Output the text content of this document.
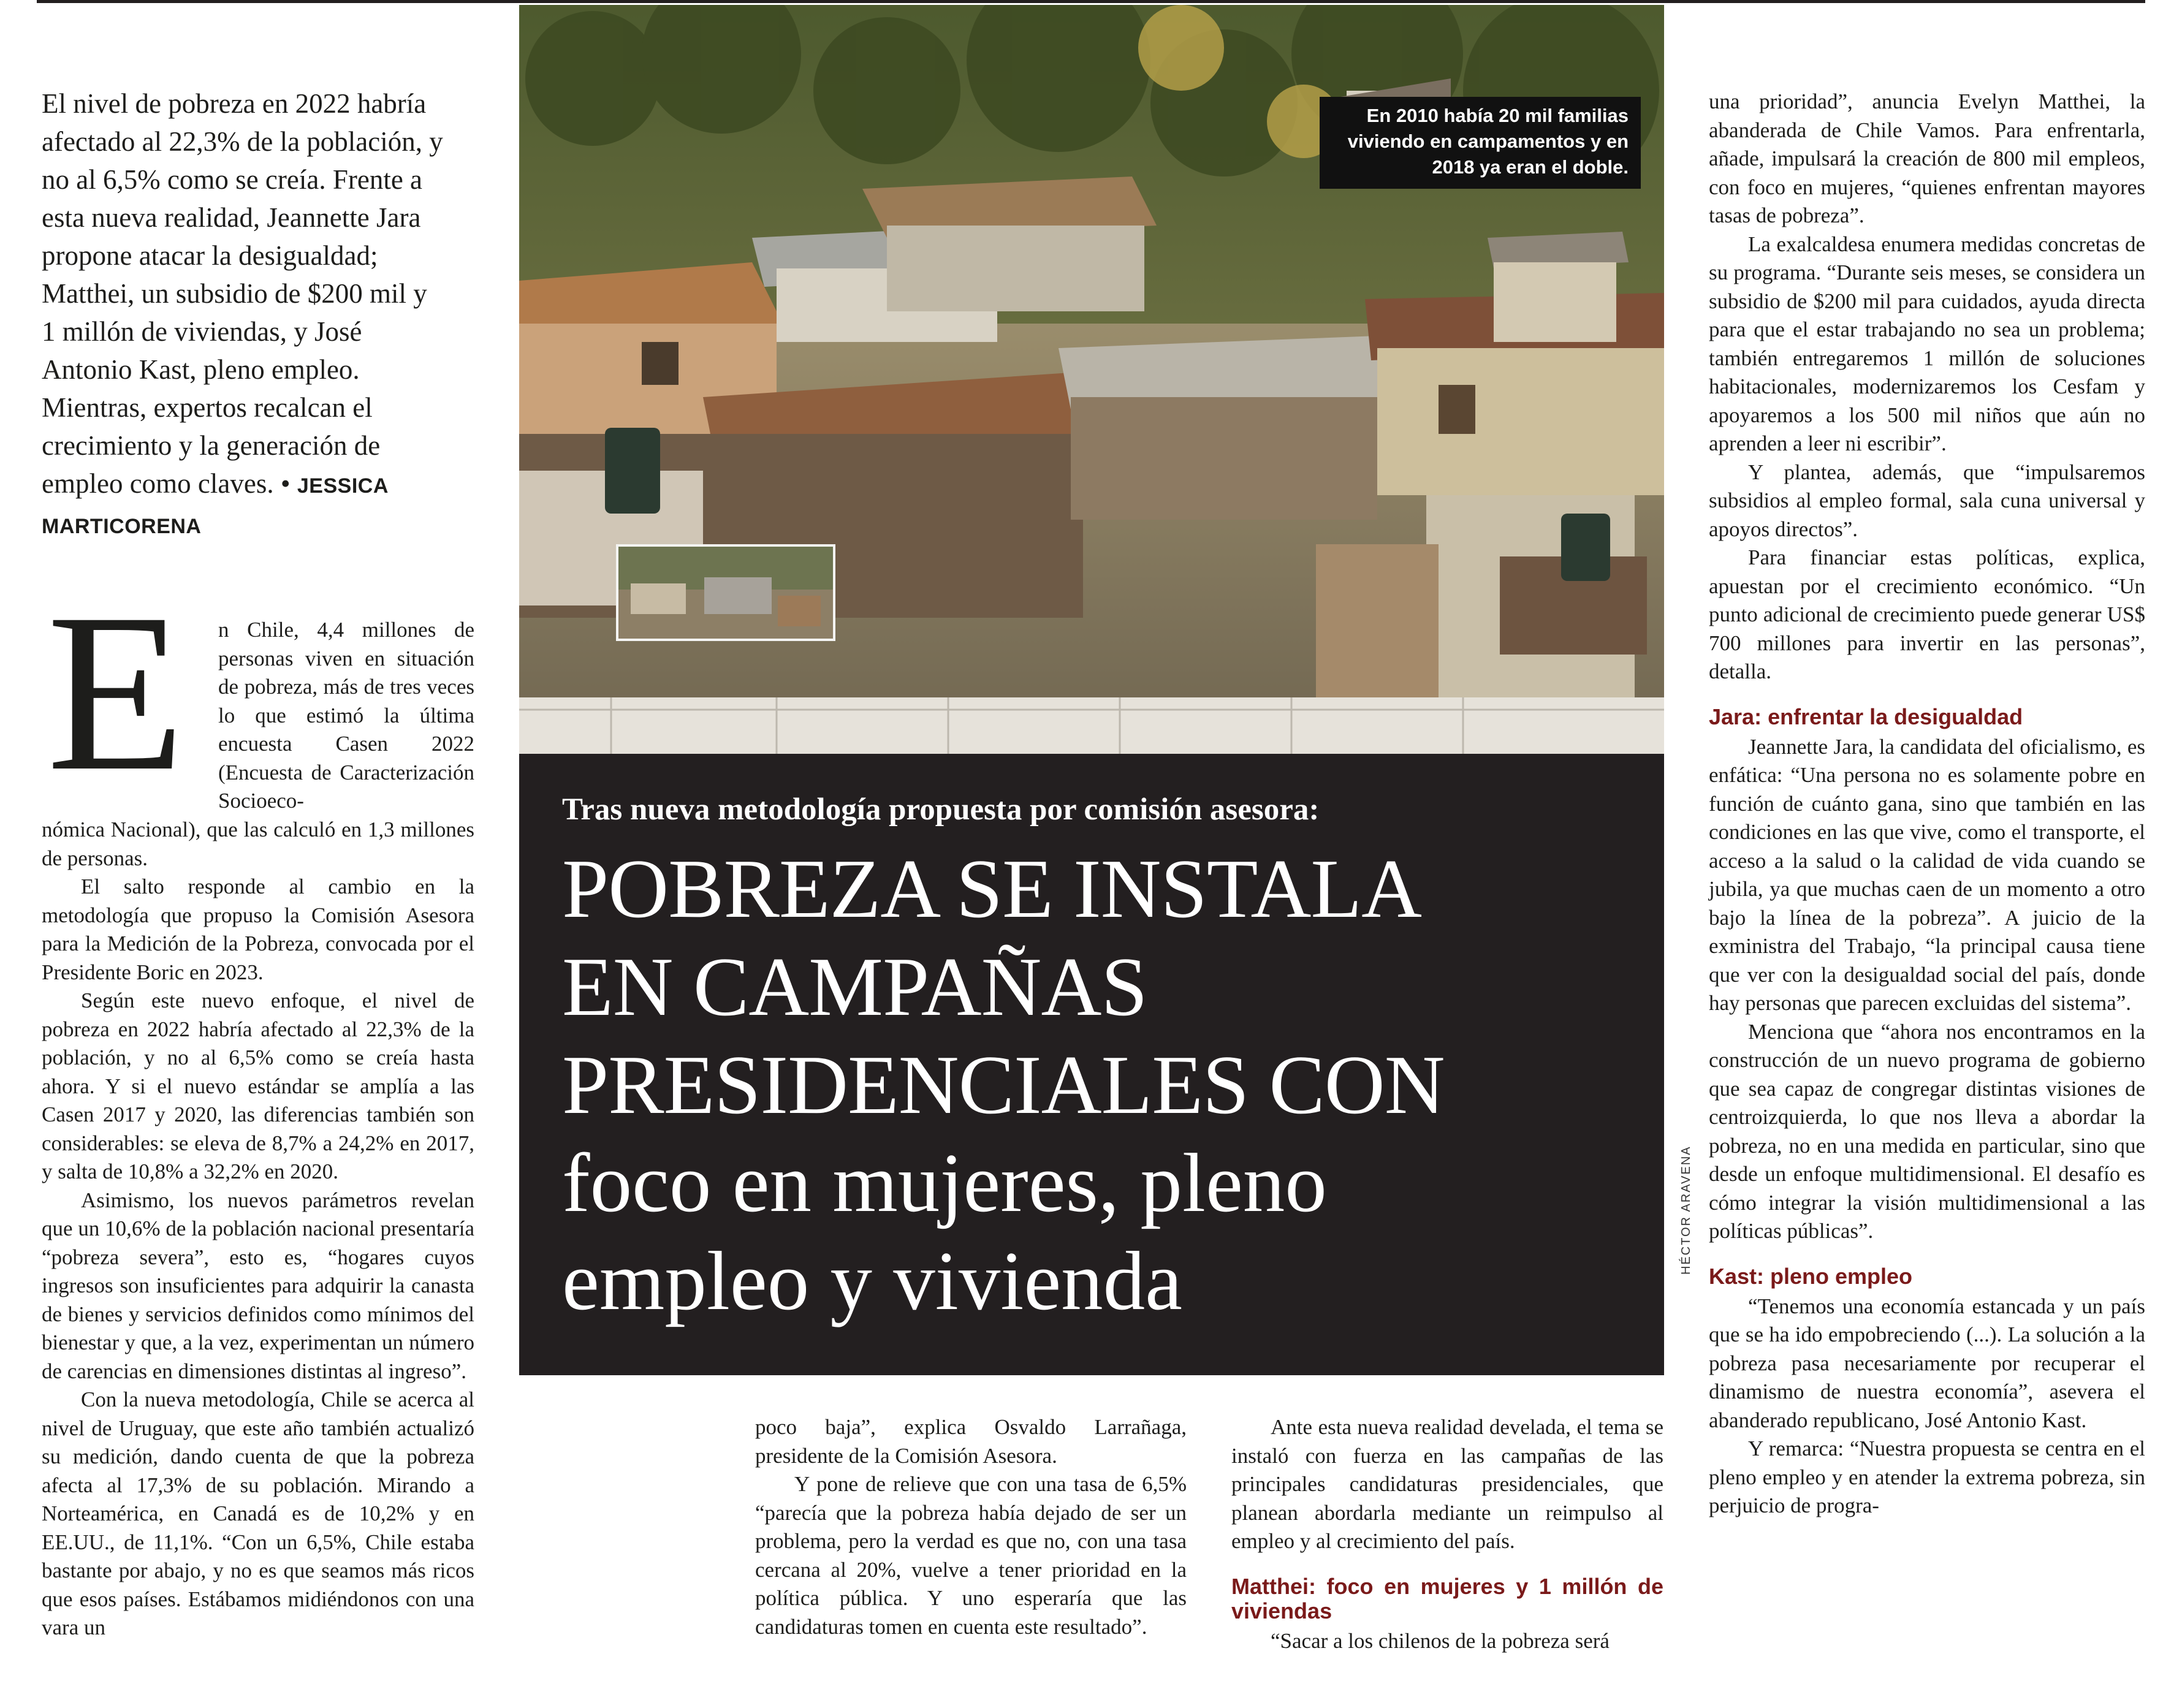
El nivel de pobreza en 2022 habría afectado al 22,3% de la población, y no al 6,5% como se creía. Frente a esta nueva realidad, Jeannette Jara propone atacar la desigualdad; Matthei, un subsidio de $200 mil y 1 millón de viviendas, y José Antonio Kast, pleno empleo. Mientras, expertos recalcan el crecimiento y la generación de empleo como claves. • JESSICA MARTICORENA
E n Chile, 4,4 millones de personas viven en situación de pobreza, más de tres veces lo que estimó la última encuesta Casen 2022 (Encuesta de Caracterización Socioeco-

nómica Nacional), que las calculó en 1,3 millones de personas.

El salto responde al cambio en la metodología que propuso la Comisión Asesora para la Medición de la Pobreza, convocada por el Presidente Boric en 2023.

Según este nuevo enfoque, el nivel de pobreza en 2022 habría afectado al 22,3% de la población, y no al 6,5% como se creía hasta ahora. Y si el nuevo estándar se amplía a las Casen 2017 y 2020, las diferencias también son considerables: se eleva de 8,7% a 24,2% en 2017, y salta de 10,8% a 32,2% en 2020.

Asimismo, los nuevos parámetros revelan que un 10,6% de la población nacional presentaría “pobreza severa”, esto es, “hogares cuyos ingresos son insuficientes para adquirir la canasta de bienes y servicios definidos como mínimos del bienestar y que, a la vez, experimentan un número de carencias en dimensiones distintas al ingreso”.

Con la nueva metodología, Chile se acerca al nivel de Uruguay, que este año también actualizó su medición, dando cuenta de que la pobreza afecta al 17,3% de su población. Mirando a Norteamérica, en Canadá es de 10,2% y en EE.UU., de 11,1%. “Con un 6,5%, Chile estaba bastante por abajo, y no es que seamos más ricos que esos países. Estábamos midiéndonos con una vara un

En 2010 había 20 mil familias viviendo en campamentos y en 2018 ya eran el doble.
Tras nueva metodología propuesta por comisión asesora:
POBREZA SE INSTALA
EN CAMPAÑAS
PRESIDENCIALES CON
foco en mujeres, pleno
empleo y vivienda
HÉCTOR ARAVENA

poco baja”, explica Osvaldo Larrañaga, presidente de la Comisión Asesora.

Y pone de relieve que con una tasa de 6,5% “parecía que la pobreza había dejado de ser un problema, pero la verdad es que no, con una tasa cercana al 20%, vuelve a tener prioridad en la política pública. Y uno esperaría que las candidaturas tomen en cuenta este resultado”.

Ante esta nueva realidad develada, el tema se instaló con fuerza en las campañas de las principales candidaturas presidenciales, que planean abordarla mediante un reimpulso al empleo y al crecimiento del país.

Matthei: foco en mujeres y 1 millón de viviendas

“Sacar a los chilenos de la pobreza será

una prioridad”, anuncia Evelyn Matthei, la abanderada de Chile Vamos. Para enfrentarla, añade, impulsará la creación de 800 mil empleos, con foco en mujeres, “quienes enfrentan mayores tasas de pobreza”.

La exalcaldesa enumera medidas concretas de su programa. “Durante seis meses, se considera un subsidio de $200 mil para cuidados, ayuda directa para que el estar trabajando no sea un problema; también entregaremos 1 millón de soluciones habitacionales, modernizaremos los Cesfam y apoyaremos a los 500 mil niños que aún no aprenden a leer ni escribir”.

Y plantea, además, que “impulsaremos subsidios al empleo formal, sala cuna universal y apoyos directos”.

Para financiar estas políticas, explica, apuestan por el crecimiento económico. “Un punto adicional de crecimiento puede generar US$ 700 millones para invertir en las personas”, detalla.

Jara: enfrentar la desigualdad

Jeannette Jara, la candidata del oficialismo, es enfática: “Una persona no es solamente pobre en función de cuánto gana, sino que también en las condiciones en las que vive, como el transporte, el acceso a la salud o la calidad de vida cuando se jubila, ya que muchas caen de un momento a otro bajo la línea de la pobreza”. A juicio de la exministra del Trabajo, “la principal causa tiene que ver con la desigualdad social del país, donde hay personas que parecen excluidas del sistema”.

Menciona que “ahora nos encontramos en la construcción de un nuevo programa de gobierno que sea capaz de congregar distintas visiones de centroizquierda, lo que nos lleva a abordar la pobreza, no en una medida en particular, sino que desde un enfoque multidimensional. El desafío es cómo integrar la visión multidimensional a las políticas públicas”.

Kast: pleno empleo

“Tenemos una economía estancada y un país que se ha ido empobreciendo (...). La solución a la pobreza pasa necesariamente por recuperar el dinamismo de nuestra economía”, asevera el abanderado republicano, José Antonio Kast.

Y remarca: “Nuestra propuesta se centra en el pleno empleo y en atender la extrema pobreza, sin perjuicio de progra-
